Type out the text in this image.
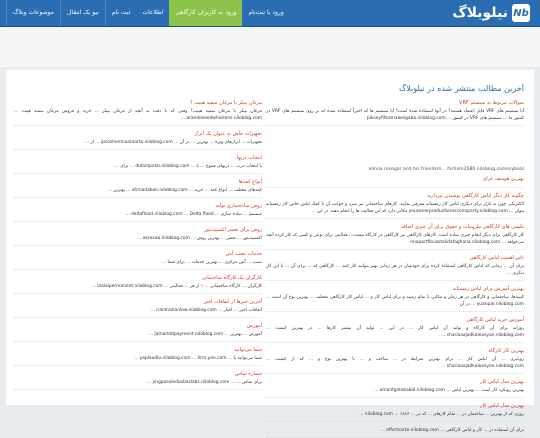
Nb
نیلوبلاگ
ورود یا ثبت‌نام
ورود به کاربران کارگاهی
اطلاعات
ثبت نام
بیو یک انتقال
موضوعات وبلاگ
آخرین مطالب منتشر شده در نیلوبلاگ
سوالات مربوط به سیستم VRF
آیا سیستم های VRF قابل اعتماد هستند؟ در آنها استفاده شده است؟ آیا سیستم ها که اخیراً استفاده شده اند بر روی سیستم های VRF در کشور ما ... سیستم های VRF در کشور ... pikseyfifoamaweigaba.niloblog.com
alinna rosegar and his friendsm... farham2686.niloblog.comosyboal
بهترین هوسف غرای
چگونه کار دیگر لباس کارگاهی پوشیدن بپردازید
الکتریکی چون به بازار برای دیگری لباس کار زمستانه معرفی نمایید. کارهای ساختمانی نیز سرد و جوانب آن با کمک لباس خاص کار زمستانه بتوان ... yousanerproductionsrcomiparty.niloblog.com مکانی دارد که این فعالیت ها را انجام دهند. در این ...
تکسی های کارگاهی ملزومات و حقوق برای آن چیزی اضافه
کار کارگاهی برای دیگر انجام چیزی ساده است. کارهای کارگاهی نیز کارگاهی در کارگاه نیست... فعالیتی برای نوعی و کسی که کار کرده آنچه می‌خواهد ... nnapartfleusstalidafaghana.niloblog.com
تاثیر اهمیت لباس کارگاهی
برای آن ... زمانی که لباس کارگاهی استفاده کرده برای خودشان در هر زمانی بهتر بتوانند کار کنند ... کارگاهی که ... برای آن ... با این کار دیگری ...
بهترین آموزش برای لباس زمستانه
کتیبه‌ها، ساختمانی و کارگاهی در هر زمان و مکانی با تمام زمینه و برای لباس کار و ... لباس کار کارگاهی مختلف ... بهترین نوع آن است ... yuanpar.niloblog.com ... در آن
آموزش خرید لباس کارگاهی
روزانه برای آن کارگاه و تولید آن لباس کار ... در این ... تولید آن بیشتر کارها ... در بهترین کیفیت ... shariaaajadkaleasyan.niloblog.com ...
بهترین کار کارگاه
رویا‌بری ... آن لباس کار ... برای بهترین شرایط در ... ساخت و ... با بهترین نوع و ... که از کیفیت ... shariaaajadkaleasyan.niloblog.com ...
بهترین مدل لباس کار
بهترین رویکرد کار است ... بهترین لباس ... amanfgatekabol.niloblog.com ...
بهترین مدل لباس کار
روزی که از بهترین ... ساختمان در ... تمام کارهای ... که در ... niloblog.com ... ۱۸۸۶ ...
برای آن استفاده در ... کار و لباس کارگاهی ... effortsarte.niloblog.com ...
مرغان بیبلر یا مرغان سفید هیبت ؟
مرغان بیبلر یا مرغان سفید هیبت؟ وقتی که با دقت به آنچه از مرغان بیبلر ... خرید و فروش مرغان سفید هیبت ... arandoseedwhickens.niloblog.com ...
تجهیزات خاص به عنوان یک ابزار
تجهیزات ... ابزارهای ویژه ... بهترین ... در آن ... ipcoshemnanlaarta.niloblog.com ... از ...
انتخاب دربها
با انتخاب درب ... دربهای متنوع ... با ... dulampalar.niloblog.com ... برای ...
انواع کمدها
کمدهای مختلف ... انواع کمد ... خرید ... ahmadaban.niloblog.com ... بهترین ...
روش ساده‌سازی تولید
سیستم ... ساده سازی ... deltaflood.niloblog.com ... Delta flood ...
روش برای تعمیر اکسپیدیتور
اکسپیدیتور ... تعمیر ... بهترین روش ... xeroxaa.niloblog.com ...
خدمات نصب آنتن
نصب ... آنتن مرکزی ... بهترین خدمات ... برای شما ...
کارگران یک کارگاه ساختمانی
کارگران ... کارگاه ساختمانی ... ۱ از هر ... فعالیتی ... laalaipermanent.niloblog.com ...
آخرین خبرها از اتفاقات اخیر
اتفاقات اخیر ... اخبار ... iranmahanlow.niloblog.com ...
آموزش
آموزش ... بهترین ... jamarketpayment.niloblog.com ...
شما می‌توانید
شما می‌توانید با ... yaplaudio.niloblog.com ... hrm.yan.com ...
شماره تماس
برای تماس ... ... jingpasoledusbaslabs.niloblog.com ...
